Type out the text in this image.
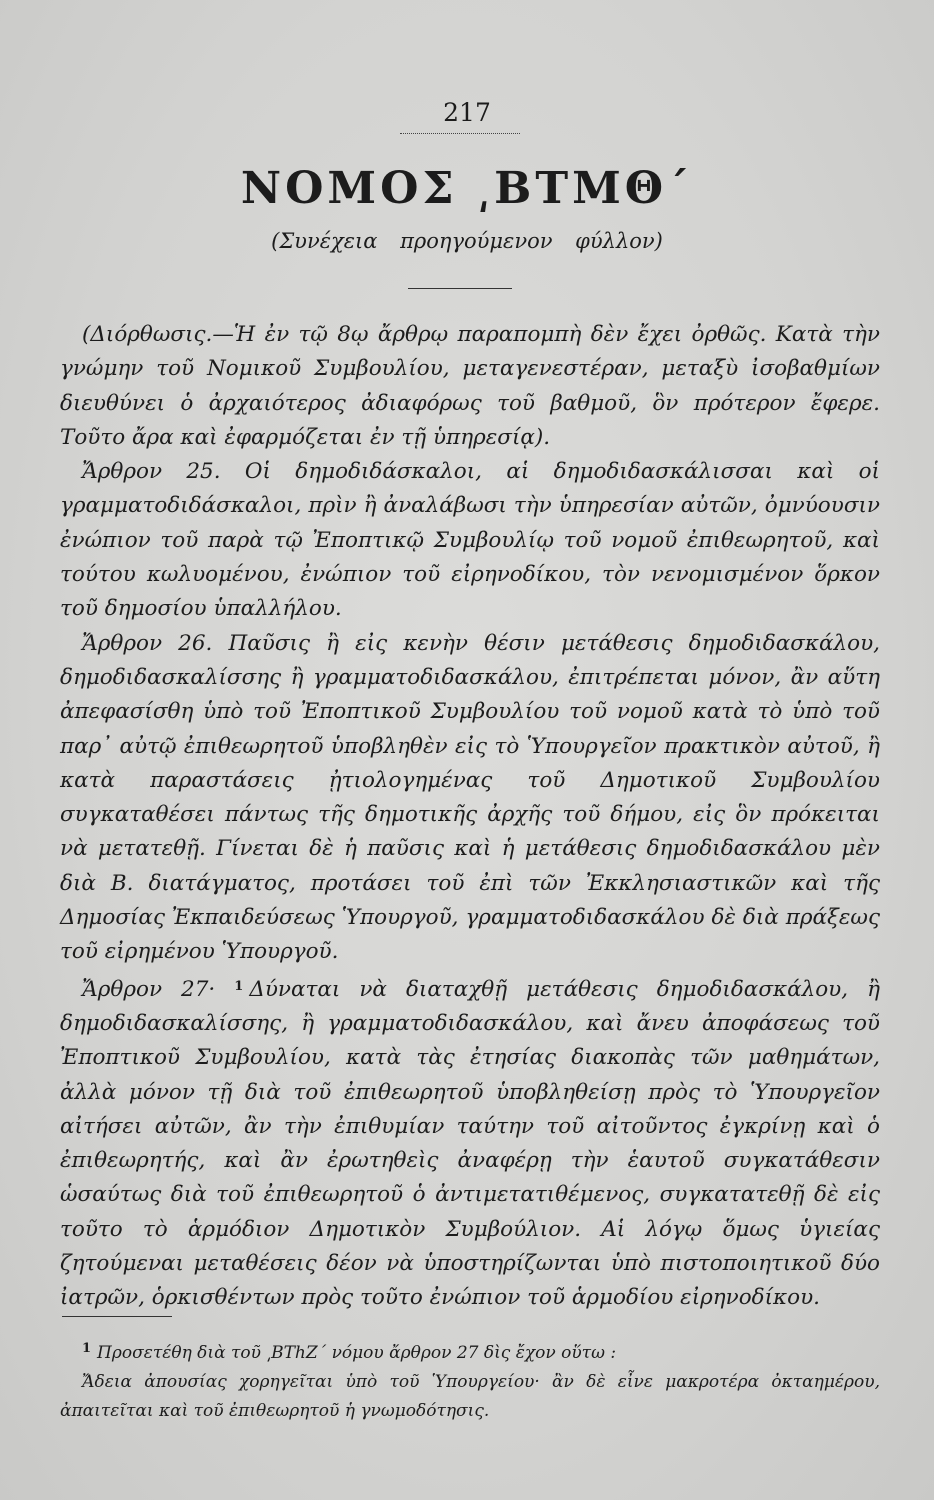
217
ΝΟΜΟΣ ͵ΒΤΜΘ΄
(Συνέχεια προηγούμενον φύλλον)

(Διόρθωσις.—Ἡ ἐν τῷ 8ῳ ἄρθρῳ παραπομπὴ δὲν ἔχει ὀρθῶς. Κατὰ τὴν γνώμην τοῦ Νομικοῦ Συμβουλίου, μεταγενεστέραν, μεταξὺ ἰσοβαθμίων διευθύνει ὁ ἀρχαιότερος ἀδιαφόρως τοῦ βαθμοῦ, ὃν πρότερον ἔφερε. Τοῦτο ἄρα καὶ ἐφαρμόζεται ἐν τῇ ὑπηρεσίᾳ).

Ἄρθρον 25. Οἱ δημοδιδάσκαλοι, αἱ δημοδιδασκάλισσαι καὶ οἱ γραμματοδιδάσκαλοι, πρὶν ἢ ἀναλάβωσι τὴν ὑπηρεσίαν αὐτῶν, ὀμνύουσιν ἐνώπιον τοῦ παρὰ τῷ Ἐποπτικῷ Συμβουλίῳ τοῦ νομοῦ ἐπιθεωρητοῦ, καὶ τούτου κωλυομένου, ἐνώπιον τοῦ εἰρηνοδίκου, τὸν νενομισμένον ὅρκον τοῦ δημοσίου ὑπαλλήλου.

Ἄρθρον 26. Παῦσις ἢ εἰς κενὴν θέσιν μετάθεσις δημοδιδασκάλου, δημοδιδασκαλίσσης ἢ γραμματοδιδασκάλου, ἐπιτρέπεται μόνον, ἂν αὕτη ἀπεφασίσθη ὑπὸ τοῦ Ἐποπτικοῦ Συμβουλίου τοῦ νομοῦ κατὰ τὸ ὑπὸ τοῦ παρ᾽ αὐτῷ ἐπιθεωρητοῦ ὑποβληθὲν εἰς τὸ Ὑπουργεῖον πρακτικὸν αὐτοῦ, ἢ κατὰ παραστάσεις ᾐτιολογημένας τοῦ Δημοτικοῦ Συμβουλίου συγκαταθέσει πάντως τῆς δημοτικῆς ἀρχῆς τοῦ δήμου, εἰς ὃν πρόκειται νὰ μετατεθῇ. Γίνεται δὲ ἡ παῦσις καὶ ἡ μετάθεσις δημοδιδασκάλου μὲν διὰ Β. διατάγματος, προτάσει τοῦ ἐπὶ τῶν Ἐκκλησιαστικῶν καὶ τῆς Δημοσίας Ἐκπαιδεύσεως Ὑπουργοῦ, γραμματοδιδασκάλου δὲ διὰ πράξεως τοῦ εἰρημένου Ὑπουργοῦ.

Ἄρθρον 27· $^1$ Δύναται νὰ διαταχθῇ μετάθεσις δημοδιδασκάλου, ἢ δημοδιδασκαλίσσης, ἢ γραμματοδιδασκάλου, καὶ ἄνευ ἀποφάσεως τοῦ Ἐποπτικοῦ Συμβουλίου, κατὰ τὰς ἐτησίας διακοπὰς τῶν μαθημάτων, ἀλλὰ μόνον τῇ διὰ τοῦ ἐπιθεωρητοῦ ὑποβληθείσῃ πρὸς τὸ Ὑπουργεῖον αἰτήσει αὐτῶν, ἂν τὴν ἐπιθυμίαν ταύτην τοῦ αἰτοῦντος ἐγκρίνῃ καὶ ὁ ἐπιθεωρητής, καὶ ἂν ἐρωτηθεὶς ἀναφέρῃ τὴν ἑαυτοῦ συγκατάθεσιν ὡσαύτως διὰ τοῦ ἐπιθεωρητοῦ ὁ ἀντιμετατιθέμενος, συγκατατεθῇ δὲ εἰς τοῦτο τὸ ἁρμόδιον Δημοτικὸν Συμβούλιον. Αἱ λόγῳ ὅμως ὑγιείας ζητούμεναι μεταθέσεις δέον νὰ ὑποστηρίζωνται ὑπὸ πιστοποιητικοῦ δύο ἰατρῶν, ὁρκισθέντων πρὸς τοῦτο ἐνώπιον τοῦ ἁρμοδίου εἰρηνοδίκου.

$^1$ Προσετέθη διὰ τοῦ ͵ΒΤhZ΄ νόμου ἄρθρον 27 δὶς ἔχον οὕτω :

Ἄδεια ἀπουσίας χορηγεῖται ὑπὸ τοῦ Ὑπουργείου· ἂν δὲ εἶνε μακροτέρα ὀκταημέρου, ἀπαιτεῖται καὶ τοῦ ἐπιθεωρητοῦ ἡ γνωμοδότησις.
